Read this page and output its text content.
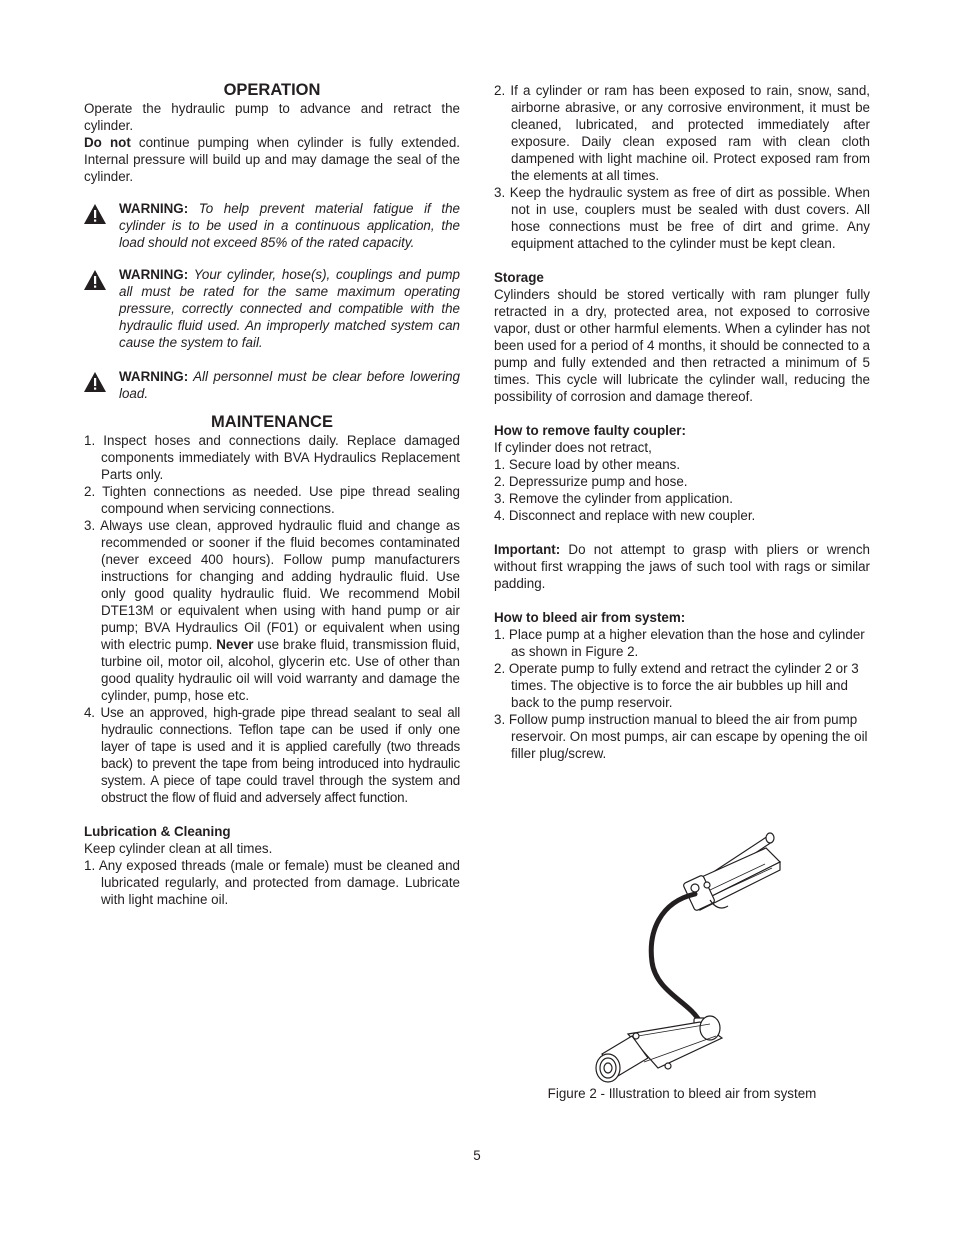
OPERATION

Operate the hydraulic pump to advance and retract the cylinder.

Do not continue pumping when cylinder is fully extended. Internal pressure will build up and may damage the seal of the cylinder.

WARNING: To help prevent material fatigue if the cylinder is to be used in a continuous application, the load should not exceed 85% of the rated capacity.

WARNING: Your cylinder, hose(s), couplings and pump all must be rated for the same maximum operating pressure, correctly connected and compatible with the hydraulic fluid used. An improperly matched system can cause the system to fail.

WARNING: All personnel must be clear before lowering load.

MAINTENANCE

1. Inspect hoses and connections daily. Replace damaged components immediately with BVA Hydraulics Replacement Parts only.

2. Tighten connections as needed. Use pipe thread sealing compound when servicing connections.

3. Always use clean, approved hydraulic fluid and change as recommended or sooner if the fluid becomes contaminated (never exceed 400 hours). Follow pump manufacturers instructions for changing and adding hydraulic fluid. Use only good quality hydraulic fluid. We recommend Mobil DTE13M or equivalent when using with hand pump or air pump; BVA Hydraulics Oil (F01) or equivalent when using with electric pump. Never use brake fluid, transmission fluid, turbine oil, motor oil, alcohol, glycerin etc. Use of other than good quality hydraulic oil will void warranty and damage the cylinder, pump, hose etc.

4. Use an approved, high-grade pipe thread sealant to seal all hydraulic connections. Teflon tape can be used if only one layer of tape is used and it is applied carefully (two threads back) to prevent the tape from being introduced into hydraulic system. A piece of tape could travel through the system and obstruct the flow of fluid and adversely affect function.

Lubrication & Cleaning

Keep cylinder clean at all times.

1. Any exposed threads (male or female) must be cleaned and lubricated regularly, and protected from damage. Lubricate with light machine oil.

2. If a cylinder or ram has been exposed to rain, snow, sand, airborne abrasive, or any corrosive environment, it must be cleaned, lubricated, and protected immediately after exposure. Daily clean exposed ram with clean cloth dampened with light machine oil. Protect exposed ram from the elements at all times.

3. Keep the hydraulic system as free of dirt as possible. When not in use, couplers must be sealed with dust covers. All hose connections must be free of dirt and grime. Any equipment attached to the cylinder must be kept clean.

Storage

Cylinders should be stored vertically with ram plunger fully retracted in a dry, protected area, not exposed to corrosive vapor, dust or other harmful elements. When a cylinder has not been used for a period of 4 months, it should be connected to a pump and fully extended and then retracted a minimum of 5 times. This cycle will lubricate the cylinder wall, reducing the possibility of corrosion and damage thereof.

How to remove faulty coupler:

If cylinder does not retract,

1. Secure load by other means.

2. Depressurize pump and hose.

3. Remove the cylinder from application.

4. Disconnect and replace with new coupler.

Important: Do not attempt to grasp with pliers or wrench without first wrapping the jaws of such tool with rags or similar padding.

How to bleed air from system:

1. Place pump at a higher elevation than the hose and cylinder as shown in Figure 2.

2. Operate pump to fully extend and retract the cylinder 2 or 3 times. The objective is to force the air bubbles up hill and back to the pump reservoir.

3. Follow pump instruction manual to bleed the air from pump reservoir. On most pumps, air can escape by opening the oil filler plug/screw.

Figure 2 - Illustration to bleed air from system
5
